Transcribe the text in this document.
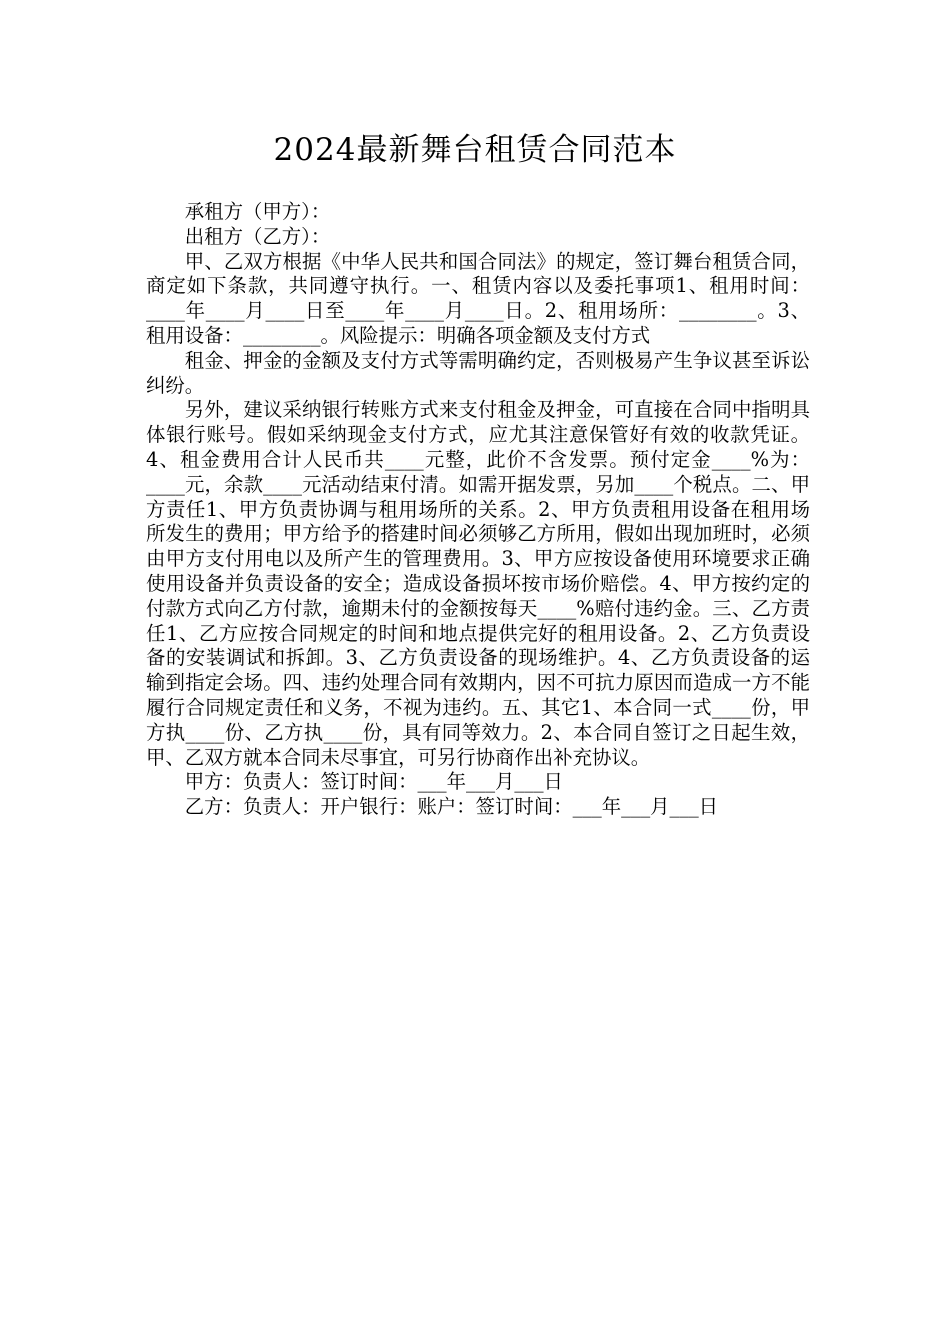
2024最新舞台租赁合同范本

承租方（甲方）：

出租方（乙方）：

甲、乙双方根据《中华人民共和国合同法》的规定，签订舞台租赁合同，商定如下条款，共同遵守执行。一、租赁内容以及委托事项1、租用时间：____年____月____日至____年____月____日。2、租用场所：________。3、租用设备：________。风险提示：明确各项金额及支付方式

租金、押金的金额及支付方式等需明确约定，否则极易产生争议甚至诉讼纠纷。

另外，建议采纳银行转账方式来支付租金及押金，可直接在合同中指明具体银行账号。假如采纳现金支付方式，应尤其注意保管好有效的收款凭证。4、租金费用合计人民币共____元整，此价不含发票。预付定金____%为：____元，余款____元活动结束付清。如需开据发票，另加____个税点。二、甲方责任1、甲方负责协调与租用场所的关系。2、甲方负责租用设备在租用场所发生的费用；甲方给予的搭建时间必须够乙方所用，假如出现加班时，必须由甲方支付用电以及所产生的管理费用。3、甲方应按设备使用环境要求正确使用设备并负责设备的安全；造成设备损坏按市场价赔偿。4、甲方按约定的付款方式向乙方付款，逾期未付的金额按每天____%赔付违约金。三、乙方责任1、乙方应按合同规定的时间和地点提供完好的租用设备。2、乙方负责设备的安装调试和拆卸。3、乙方负责设备的现场维护。4、乙方负责设备的运输到指定会场。四、违约处理合同有效期内，因不可抗力原因而造成一方不能履行合同规定责任和义务，不视为违约。五、其它1、本合同一式____份，甲方执____份、乙方执____份，具有同等效力。2、本合同自签订之日起生效，甲、乙双方就本合同未尽事宜，可另行协商作出补充协议。

甲方：负责人：签订时间：___年___月___日

乙方：负责人：开户银行：账户：签订时间：___年___月___日
